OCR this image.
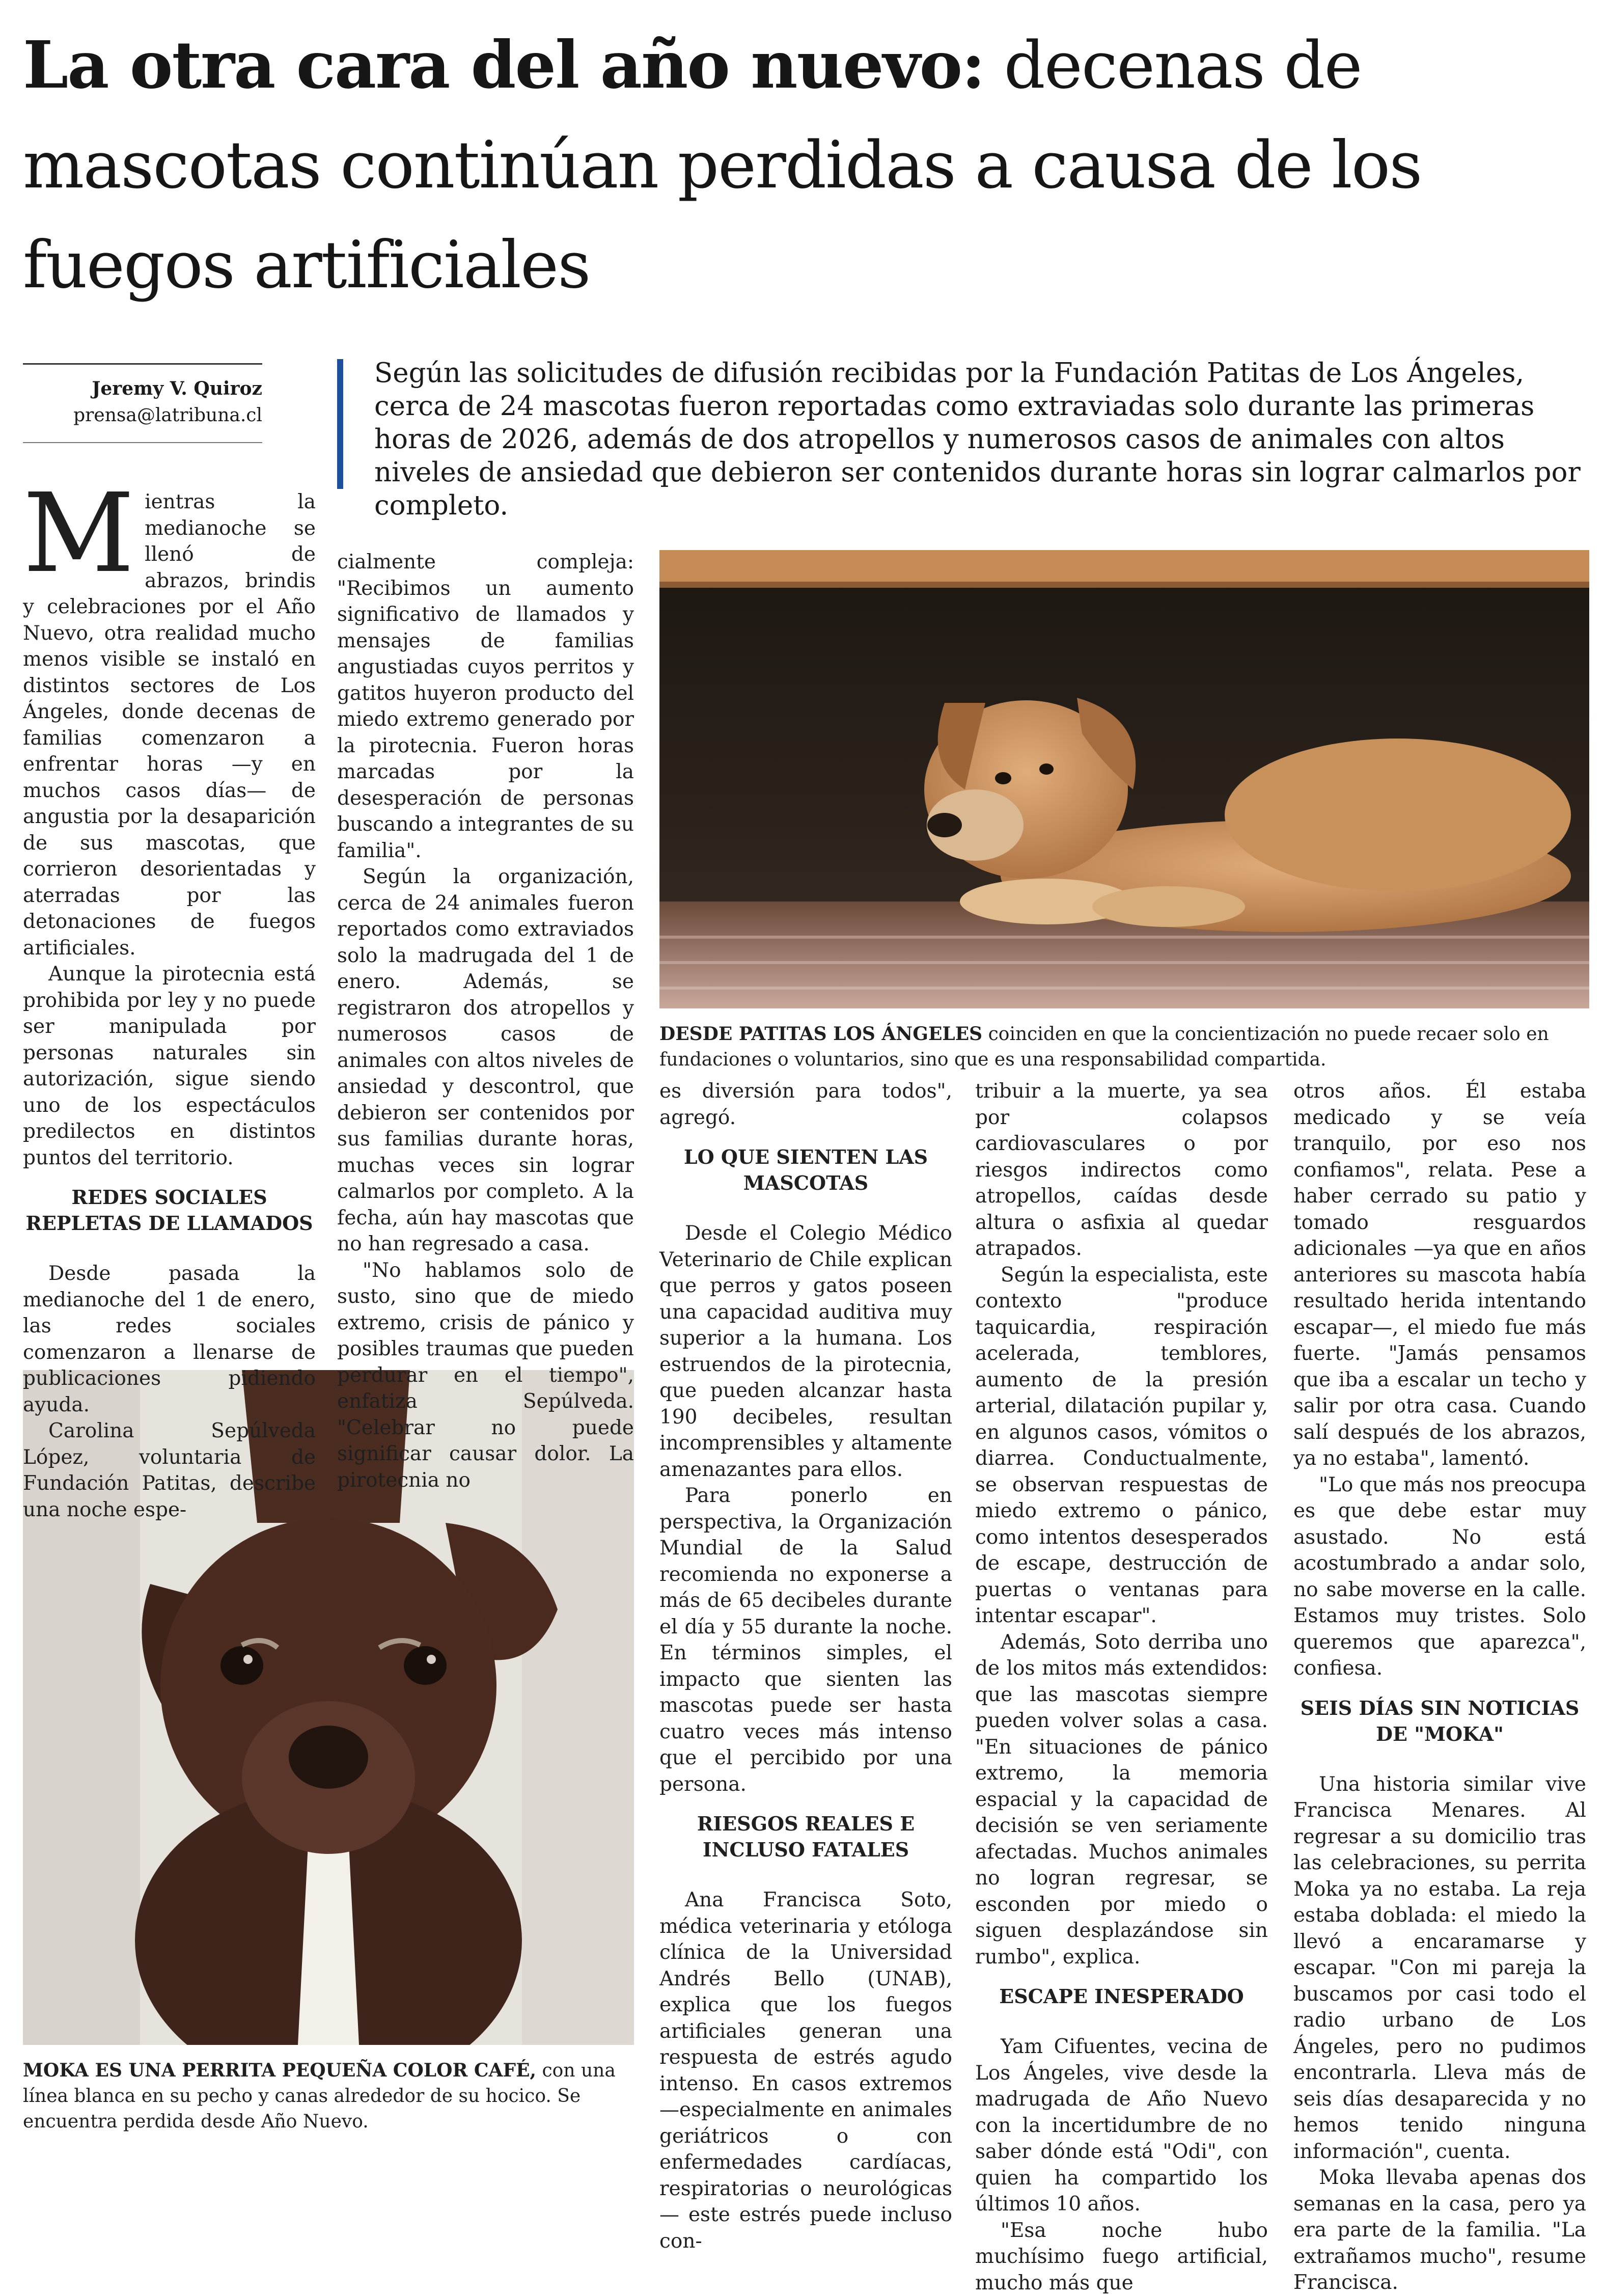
La otra cara del año nuevo: decenas de mascotas continúan perdidas a causa de los fuegos artificiales
Jeremy V. Quiroz
prensa@latribuna.cl

Según las solicitudes de difusión recibidas por la Fundación Patitas de Los Ángeles, cerca de 24 mascotas fueron reportadas como extraviadas solo durante las primeras horas de 2026, además de dos atropellos y numerosos casos de animales con altos niveles de ansiedad que debieron ser contenidos durante horas sin lograr calmarlos por completo.

DESDE PATITAS LOS ÁNGELES coinciden en que la concientización no puede recaer solo en fundaciones o voluntarios, sino que es una responsabilidad compartida.
MOKA ES UNA PERRITA PEQUEÑA COLOR CAFÉ, con una línea blanca en su pecho y canas alrededor de su hocico. Se encuentra perdida desde Año Nuevo.

Mientras la medianoche se llenó de abrazos, brindis y celebraciones por el Año Nuevo, otra realidad mucho menos visible se instaló en distintos sectores de Los Ángeles, donde decenas de familias comenzaron a enfrentar horas —y en muchos casos días— de angustia por la desaparición de sus mascotas, que corrieron desorientadas y aterradas por las detonaciones de fuegos artificiales.

Aunque la pirotecnia está prohibida por ley y no puede ser manipulada por personas naturales sin autorización, sigue siendo uno de los espectáculos predilectos en distintos puntos del territorio.

REDES SOCIALES REPLETAS DE LLAMADOS

Desde pasada la medianoche del 1 de enero, las redes sociales comenzaron a llenarse de publicaciones pidiendo ayuda.

Carolina Sepúlveda López, voluntaria de Fundación Patitas, describe una noche espe-

cialmente compleja: "Recibimos un aumento significativo de llamados y mensajes de familias angustiadas cuyos perritos y gatitos huyeron producto del miedo extremo generado por la pirotecnia. Fueron horas marcadas por la desesperación de personas buscando a integrantes de su familia".

Según la organización, cerca de 24 animales fueron reportados como extraviados solo la madrugada del 1 de enero. Además, se registraron dos atropellos y numerosos casos de animales con altos niveles de ansiedad y descontrol, que debieron ser contenidos por sus familias durante horas, muchas veces sin lograr calmarlos por completo. A la fecha, aún hay mascotas que no han regresado a casa.

"No hablamos solo de susto, sino que de miedo extremo, crisis de pánico y posibles traumas que pueden perdurar en el tiempo", enfatiza Sepúlveda. "Celebrar no puede significar causar dolor. La pirotecnia no

es diversión para todos", agregó.

LO QUE SIENTEN LAS MASCOTAS

Desde el Colegio Médico Veterinario de Chile explican que perros y gatos poseen una capacidad auditiva muy superior a la humana. Los estruendos de la pirotecnia, que pueden alcanzar hasta 190 decibeles, resultan incomprensibles y altamente amenazantes para ellos.

Para ponerlo en perspectiva, la Organización Mundial de la Salud recomienda no exponerse a más de 65 decibeles durante el día y 55 durante la noche. En términos simples, el impacto que sienten las mascotas puede ser hasta cuatro veces más intenso que el percibido por una persona.

RIESGOS REALES E INCLUSO FATALES

Ana Francisca Soto, médica veterinaria y etóloga clínica de la Universidad Andrés Bello (UNAB), explica que los fuegos artificiales generan una respuesta de estrés agudo intenso. En casos extremos —especialmente en animales geriátricos o con enfermedades cardíacas, respiratorias o neurológicas— este estrés puede incluso con-

tribuir a la muerte, ya sea por colapsos cardiovasculares o por riesgos indirectos como atropellos, caídas desde altura o asfixia al quedar atrapados.

Según la especialista, este contexto "produce taquicardia, respiración acelerada, temblores, aumento de la presión arterial, dilatación pupilar y, en algunos casos, vómitos o diarrea. Conductualmente, se observan respuestas de miedo extremo o pánico, como intentos desesperados de escape, destrucción de puertas o ventanas para intentar escapar".

Además, Soto derriba uno de los mitos más extendidos: que las mascotas siempre pueden volver solas a casa. "En situaciones de pánico extremo, la memoria espacial y la capacidad de decisión se ven seriamente afectadas. Muchos animales no logran regresar, se esconden por miedo o siguen desplazándose sin rumbo", explica.

ESCAPE INESPERADO

Yam Cifuentes, vecina de Los Ángeles, vive desde la madrugada de Año Nuevo con la incertidumbre de no saber dónde está "Odi", con quien ha compartido los últimos 10 años.

"Esa noche hubo muchísimo fuego artificial, mucho más que

otros años. Él estaba medicado y se veía tranquilo, por eso nos confiamos", relata. Pese a haber cerrado su patio y tomado resguardos adicionales —ya que en años anteriores su mascota había resultado herida intentando escapar—, el miedo fue más fuerte. "Jamás pensamos que iba a escalar un techo y salir por otra casa. Cuando salí después de los abrazos, ya no estaba", lamentó.

"Lo que más nos preocupa es que debe estar muy asustado. No está acostumbrado a andar solo, no sabe moverse en la calle. Estamos muy tristes. Solo queremos que aparezca", confiesa.

SEIS DÍAS SIN NOTICIAS DE "MOKA"

Una historia similar vive Francisca Menares. Al regresar a su domicilio tras las celebraciones, su perrita Moka ya no estaba. La reja estaba doblada: el miedo la llevó a encaramarse y escapar. "Con mi pareja la buscamos por casi todo el radio urbano de Los Ángeles, pero no pudimos encontrarla. Lleva más de seis días desaparecida y no hemos tenido ninguna información", cuenta.

Moka llevaba apenas dos semanas en la casa, pero ya era parte de la familia. "La extrañamos mucho", resume Francisca.
